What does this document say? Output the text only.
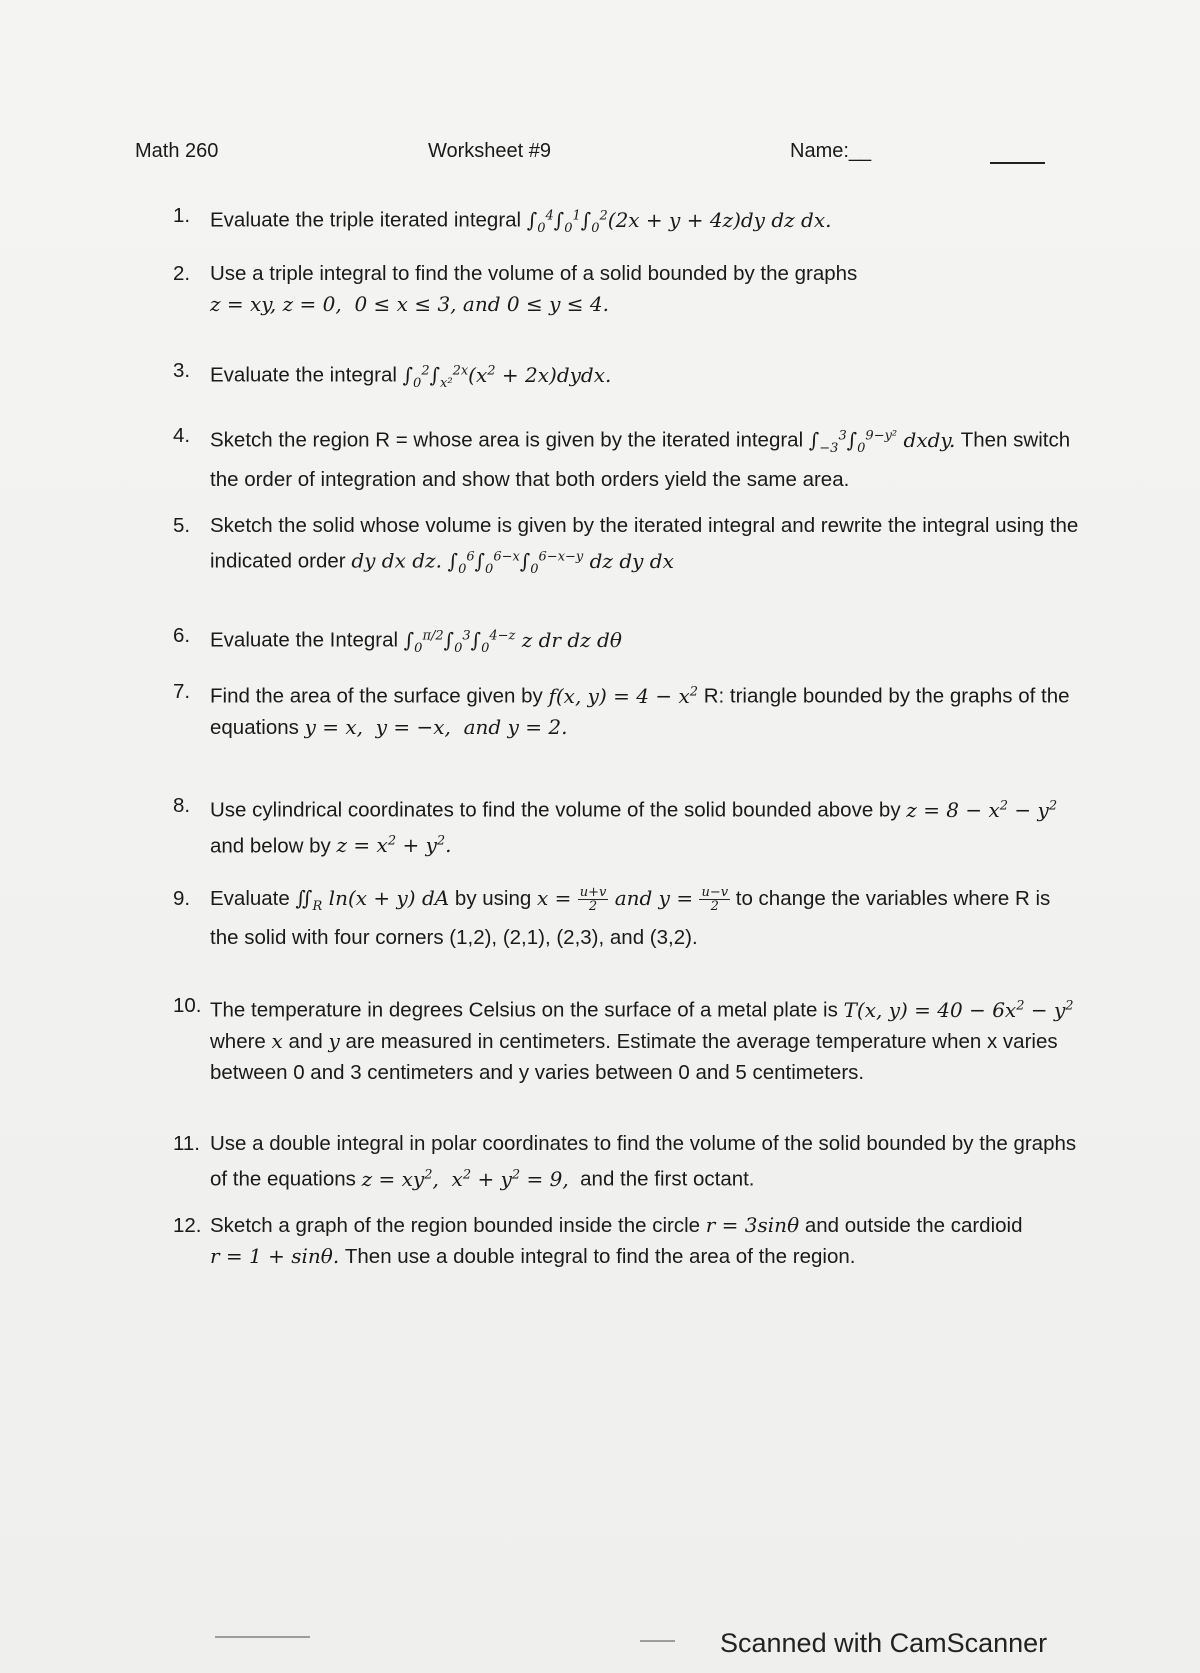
Math 260	Worksheet #9	Name:__
1. Evaluate the triple iterated integral $\int_0^4\int_0^1\int_0^2(2x + y + 4z)dy$ dz dx.
2. Use a triple integral to find the volume of a solid bounded by the graphs
z = xy, z = 0, 0 ≤ x ≤ 3, and 0 ≤ y ≤ 4.
3. Evaluate the integral $\int_0^2\int_{x^2}^{2x}(x^2$ + 2x)dydx.
4. Sketch the region R = whose area is given by the iterated integral $\int_{-3}^3\int_0^{9-y^2}$ dxdy. Then switch
the order of integration and show that both orders yield the same area.
5. Sketch the solid whose volume is given by the iterated integral and rewrite the integral using the
indicated order dy dx dz. $\int_0^6\int_0^{6-x}\int_0^{6-x-y}$ dz dy dx
6. Evaluate the Integral $\int_0^{\pi/2}\int_0^3\int_0^{4-z}$ z dr dz dθ
7. Find the area of the surface given by f(x, $y) = 4 - x^2$ R: triangle bounded by the graphs of the
equations y = x,  y = −x,  and y = 2.
8. Use cylindrical coordinates to find the volume of the solid bounded above by $z = 8 - x^2 - y^2$
and below by $z = x^2 + y^2$.
9. Evaluate $∬_R$ ln(x + y) dA by using $x = \frac{u+v}{2}$ and $y = \frac{u-v}{2}$ to change the variables where R is
the solid with four corners (1,2), (2,1), (2,3), and (3,2).
10. The temperature in degrees Celsius on the surface of a metal plate is T(x, $y) = 40 - 6x^2 - y^2$
where x and y are measured in centimeters. Estimate the average temperature when x varies
between 0 and 3 centimeters and y varies between 0 and 5 centimeters.
11. Use a double integral in polar coordinates to find the volume of the solid bounded by the graphs
of the equations $z = xy^2$,  $x^2 + y^2 = 9$, and the first octant.
12. Sketch a graph of the region bounded inside the circle r = 3sinθ and outside the cardioid
r = 1 + sinθ. Then use a double integral to find the area of the region.
Scanned with CamScanner
